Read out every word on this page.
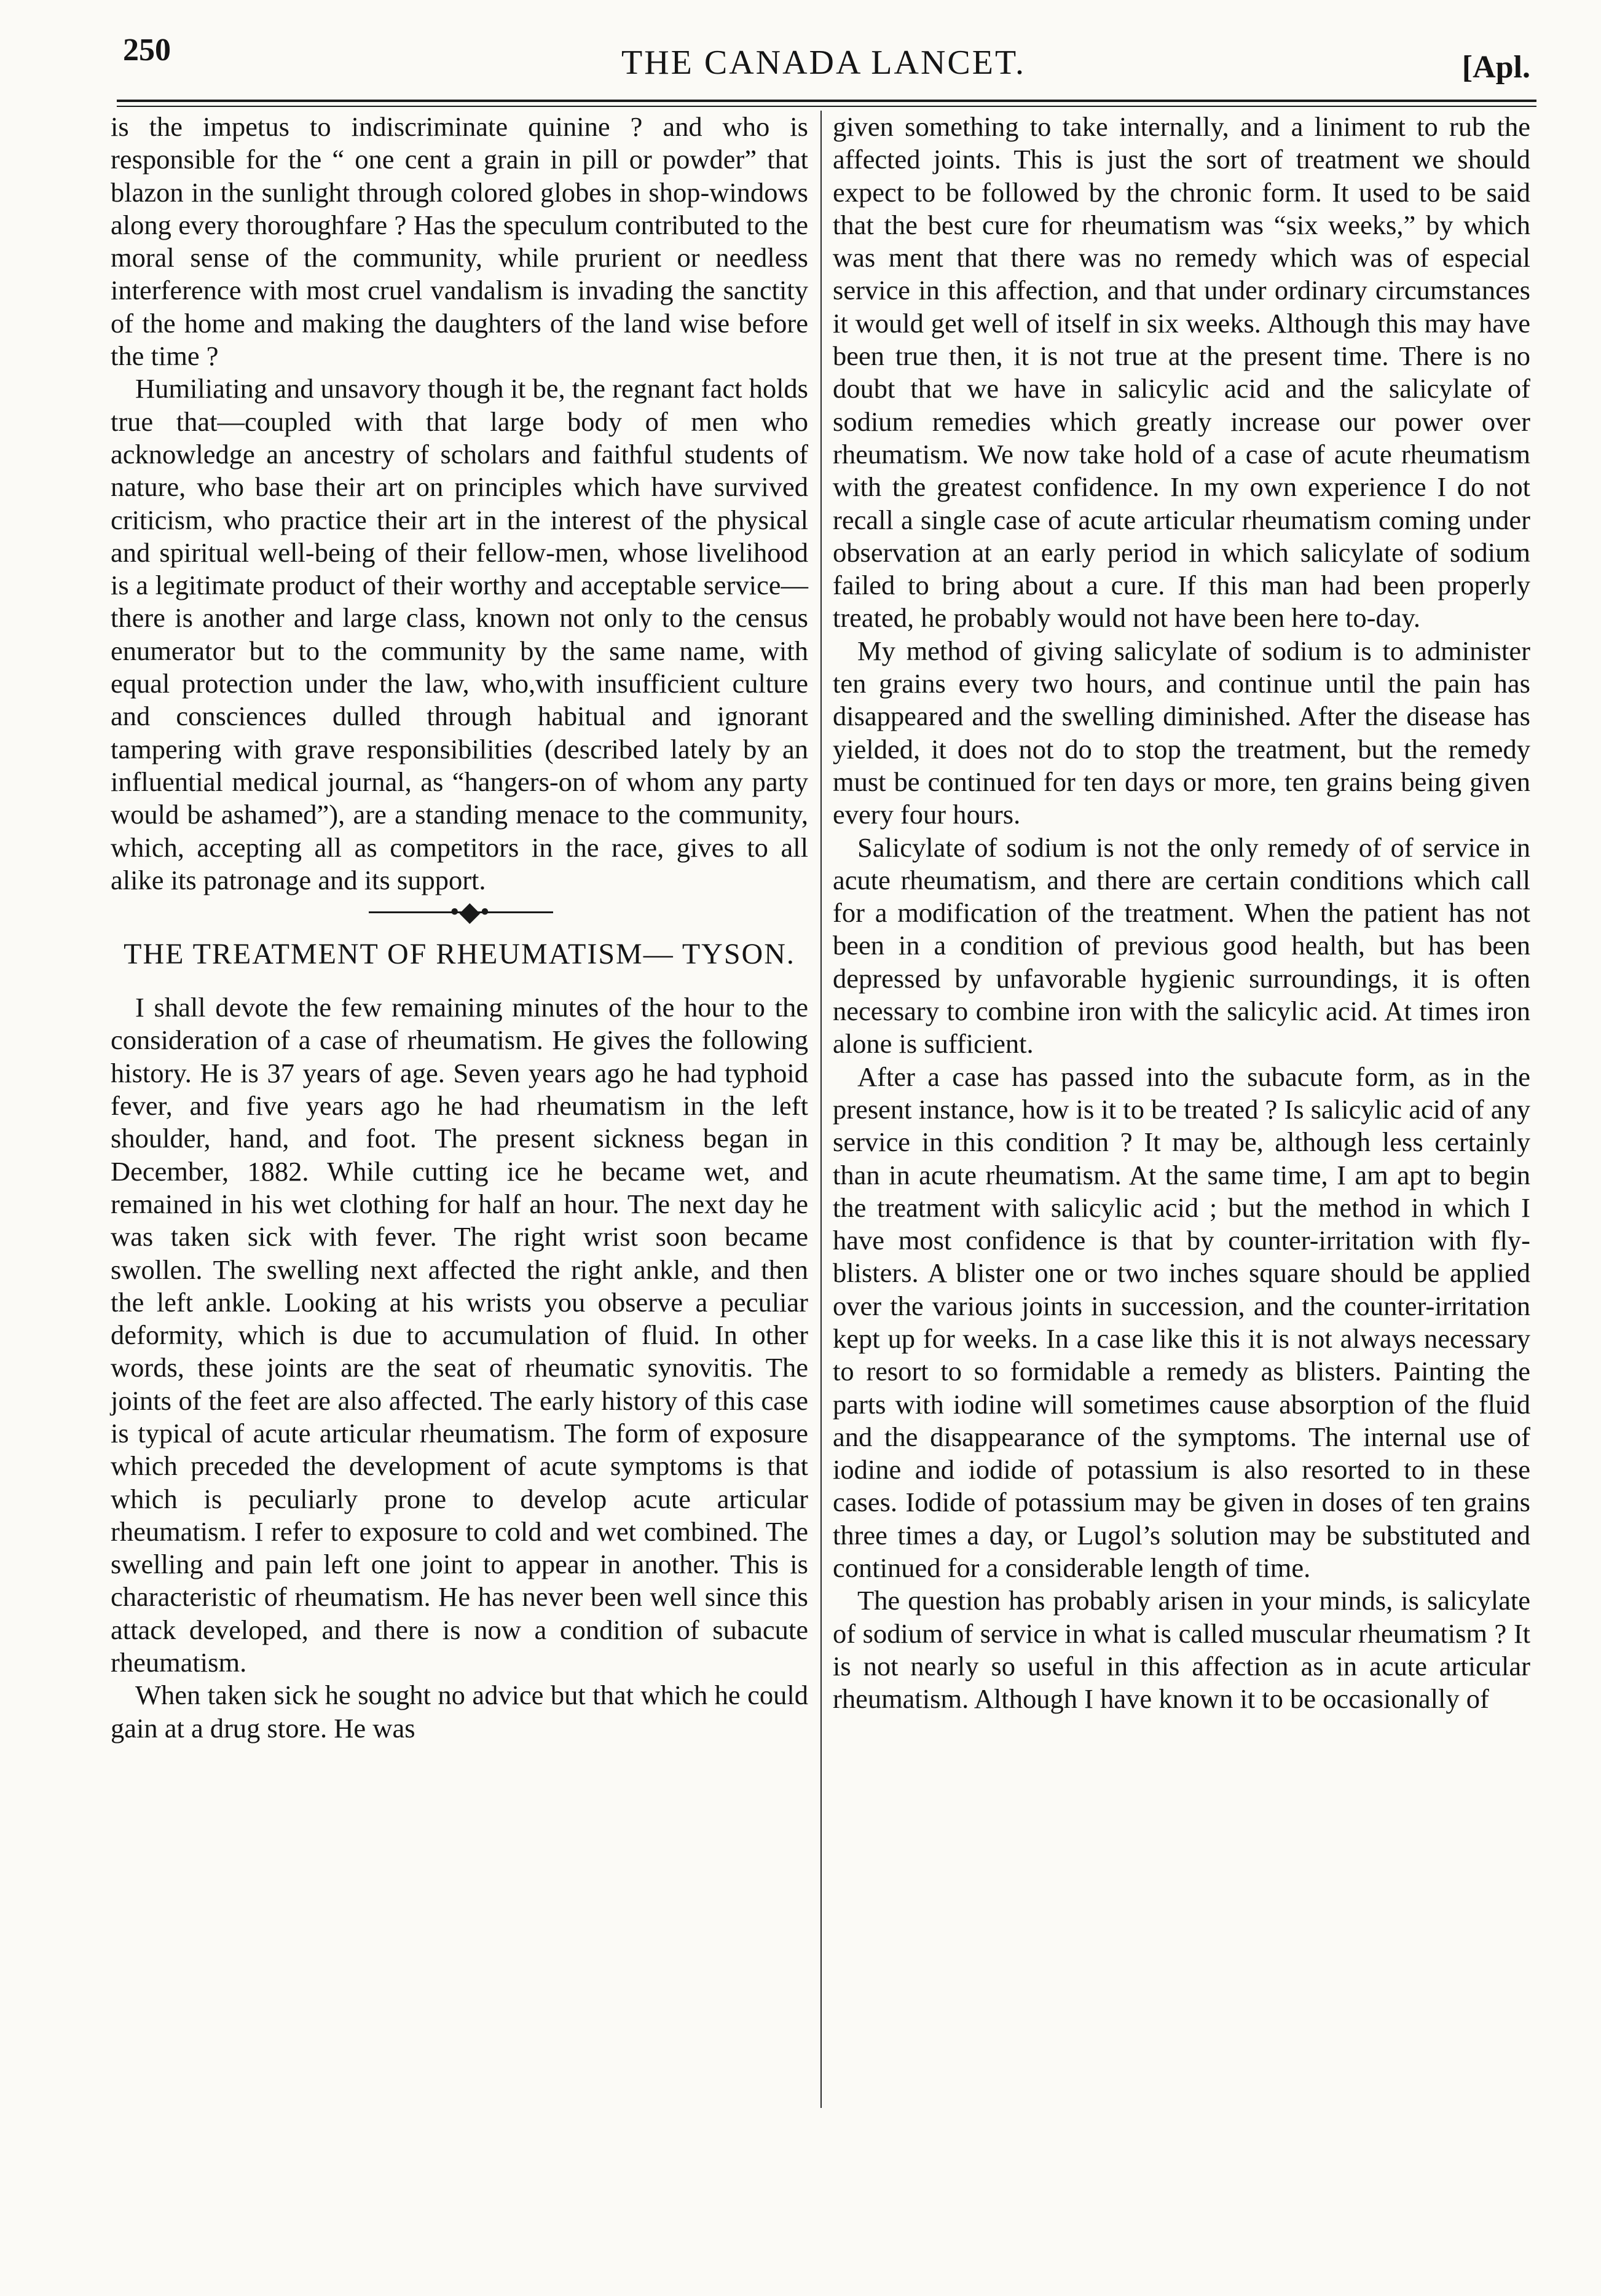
250	THE CANADA LANCET.	[Apl.

is the impetus to indiscriminate quinine ? and who is responsible for the “ one cent a grain in pill or powder” that blazon in the sunlight through colored globes in shop-windows along every thoroughfare ? Has the speculum contributed to the moral sense of the community, while prurient or needless interference with most cruel vandalism is invading the sanctity of the home and making the daughters of the land wise before the time ?

Humiliating and unsavory though it be, the regnant fact holds true that—coupled with that large body of men who acknowledge an ancestry of scholars and faithful students of nature, who base their art on principles which have survived criticism, who practice their art in the interest of the physical and spiritual well-being of their fellow-men, whose livelihood is a legitimate product of their worthy and acceptable service—there is another and large class, known not only to the census enumerator but to the community by the same name, with equal protection under the law, who,with insufficient culture and consciences dulled through habitual and ignorant tampering with grave responsibilities (described lately by an influential medical journal, as “hangers-on of whom any party would be ashamed”), are a standing menace to the community, which, accepting all as competitors in the race, gives to all alike its patronage and its support.

•◆•
THE TREATMENT OF RHEUMATISM— TYSON.

I shall devote the few remaining minutes of the hour to the consideration of a case of rheumatism. He gives the following history. He is 37 years of age. Seven years ago he had typhoid fever, and five years ago he had rheumatism in the left shoulder, hand, and foot. The present sickness began in December, 1882. While cutting ice he became wet, and remained in his wet clothing for half an hour. The next day he was taken sick with fever. The right wrist soon became swollen. The swelling next affected the right ankle, and then the left ankle. Looking at his wrists you observe a peculiar deformity, which is due to accumulation of fluid. In other words, these joints are the seat of rheumatic synovitis. The joints of the feet are also affected. The early history of this case is typical of acute articular rheumatism. The form of exposure which preceded the development of acute symptoms is that which is peculiarly prone to develop acute articular rheumatism. I refer to exposure to cold and wet combined. The swelling and pain left one joint to appear in another. This is characteristic of rheumatism. He has never been well since this attack developed, and there is now a condition of subacute rheumatism.

When taken sick he sought no advice but that which he could gain at a drug store. He was

given something to take internally, and a liniment to rub the affected joints. This is just the sort of treatment we should expect to be followed by the chronic form. It used to be said that the best cure for rheumatism was “six weeks,” by which was ment that there was no remedy which was of especial service in this affection, and that under ordinary circumstances it would get well of itself in six weeks. Although this may have been true then, it is not true at the present time. There is no doubt that we have in salicylic acid and the salicylate of sodium remedies which greatly increase our power over rheumatism. We now take hold of a case of acute rheumatism with the greatest confidence. In my own experience I do not recall a single case of acute articular rheumatism coming under observation at an early period in which salicylate of sodium failed to bring about a cure. If this man had been properly treated, he probably would not have been here to-day.

My method of giving salicylate of sodium is to administer ten grains every two hours, and continue until the pain has disappeared and the swelling diminished. After the disease has yielded, it does not do to stop the treatment, but the remedy must be continued for ten days or more, ten grains being given every four hours.

Salicylate of sodium is not the only remedy of of service in acute rheumatism, and there are certain conditions which call for a modification of the treatment. When the patient has not been in a condition of previous good health, but has been depressed by unfavorable hygienic surroundings, it is often necessary to combine iron with the salicylic acid. At times iron alone is sufficient.

After a case has passed into the subacute form, as in the present instance, how is it to be treated ? Is salicylic acid of any service in this condition ? It may be, although less certainly than in acute rheumatism. At the same time, I am apt to begin the treatment with salicylic acid ; but the method in which I have most confidence is that by counter-irritation with fly-blisters. A blister one or two inches square should be applied over the various joints in succession, and the counter-irritation kept up for weeks. In a case like this it is not always necessary to resort to so formidable a remedy as blisters. Painting the parts with iodine will sometimes cause absorption of the fluid and the disappearance of the symptoms. The internal use of iodine and iodide of potassium is also resorted to in these cases. Iodide of potassium may be given in doses of ten grains three times a day, or Lugol’s solution may be substituted and continued for a considerable length of time.

The question has probably arisen in your minds, is salicylate of sodium of service in what is called muscular rheumatism ? It is not nearly so useful in this affection as in acute articular rheumatism. Although I have known it to be occasionally of
